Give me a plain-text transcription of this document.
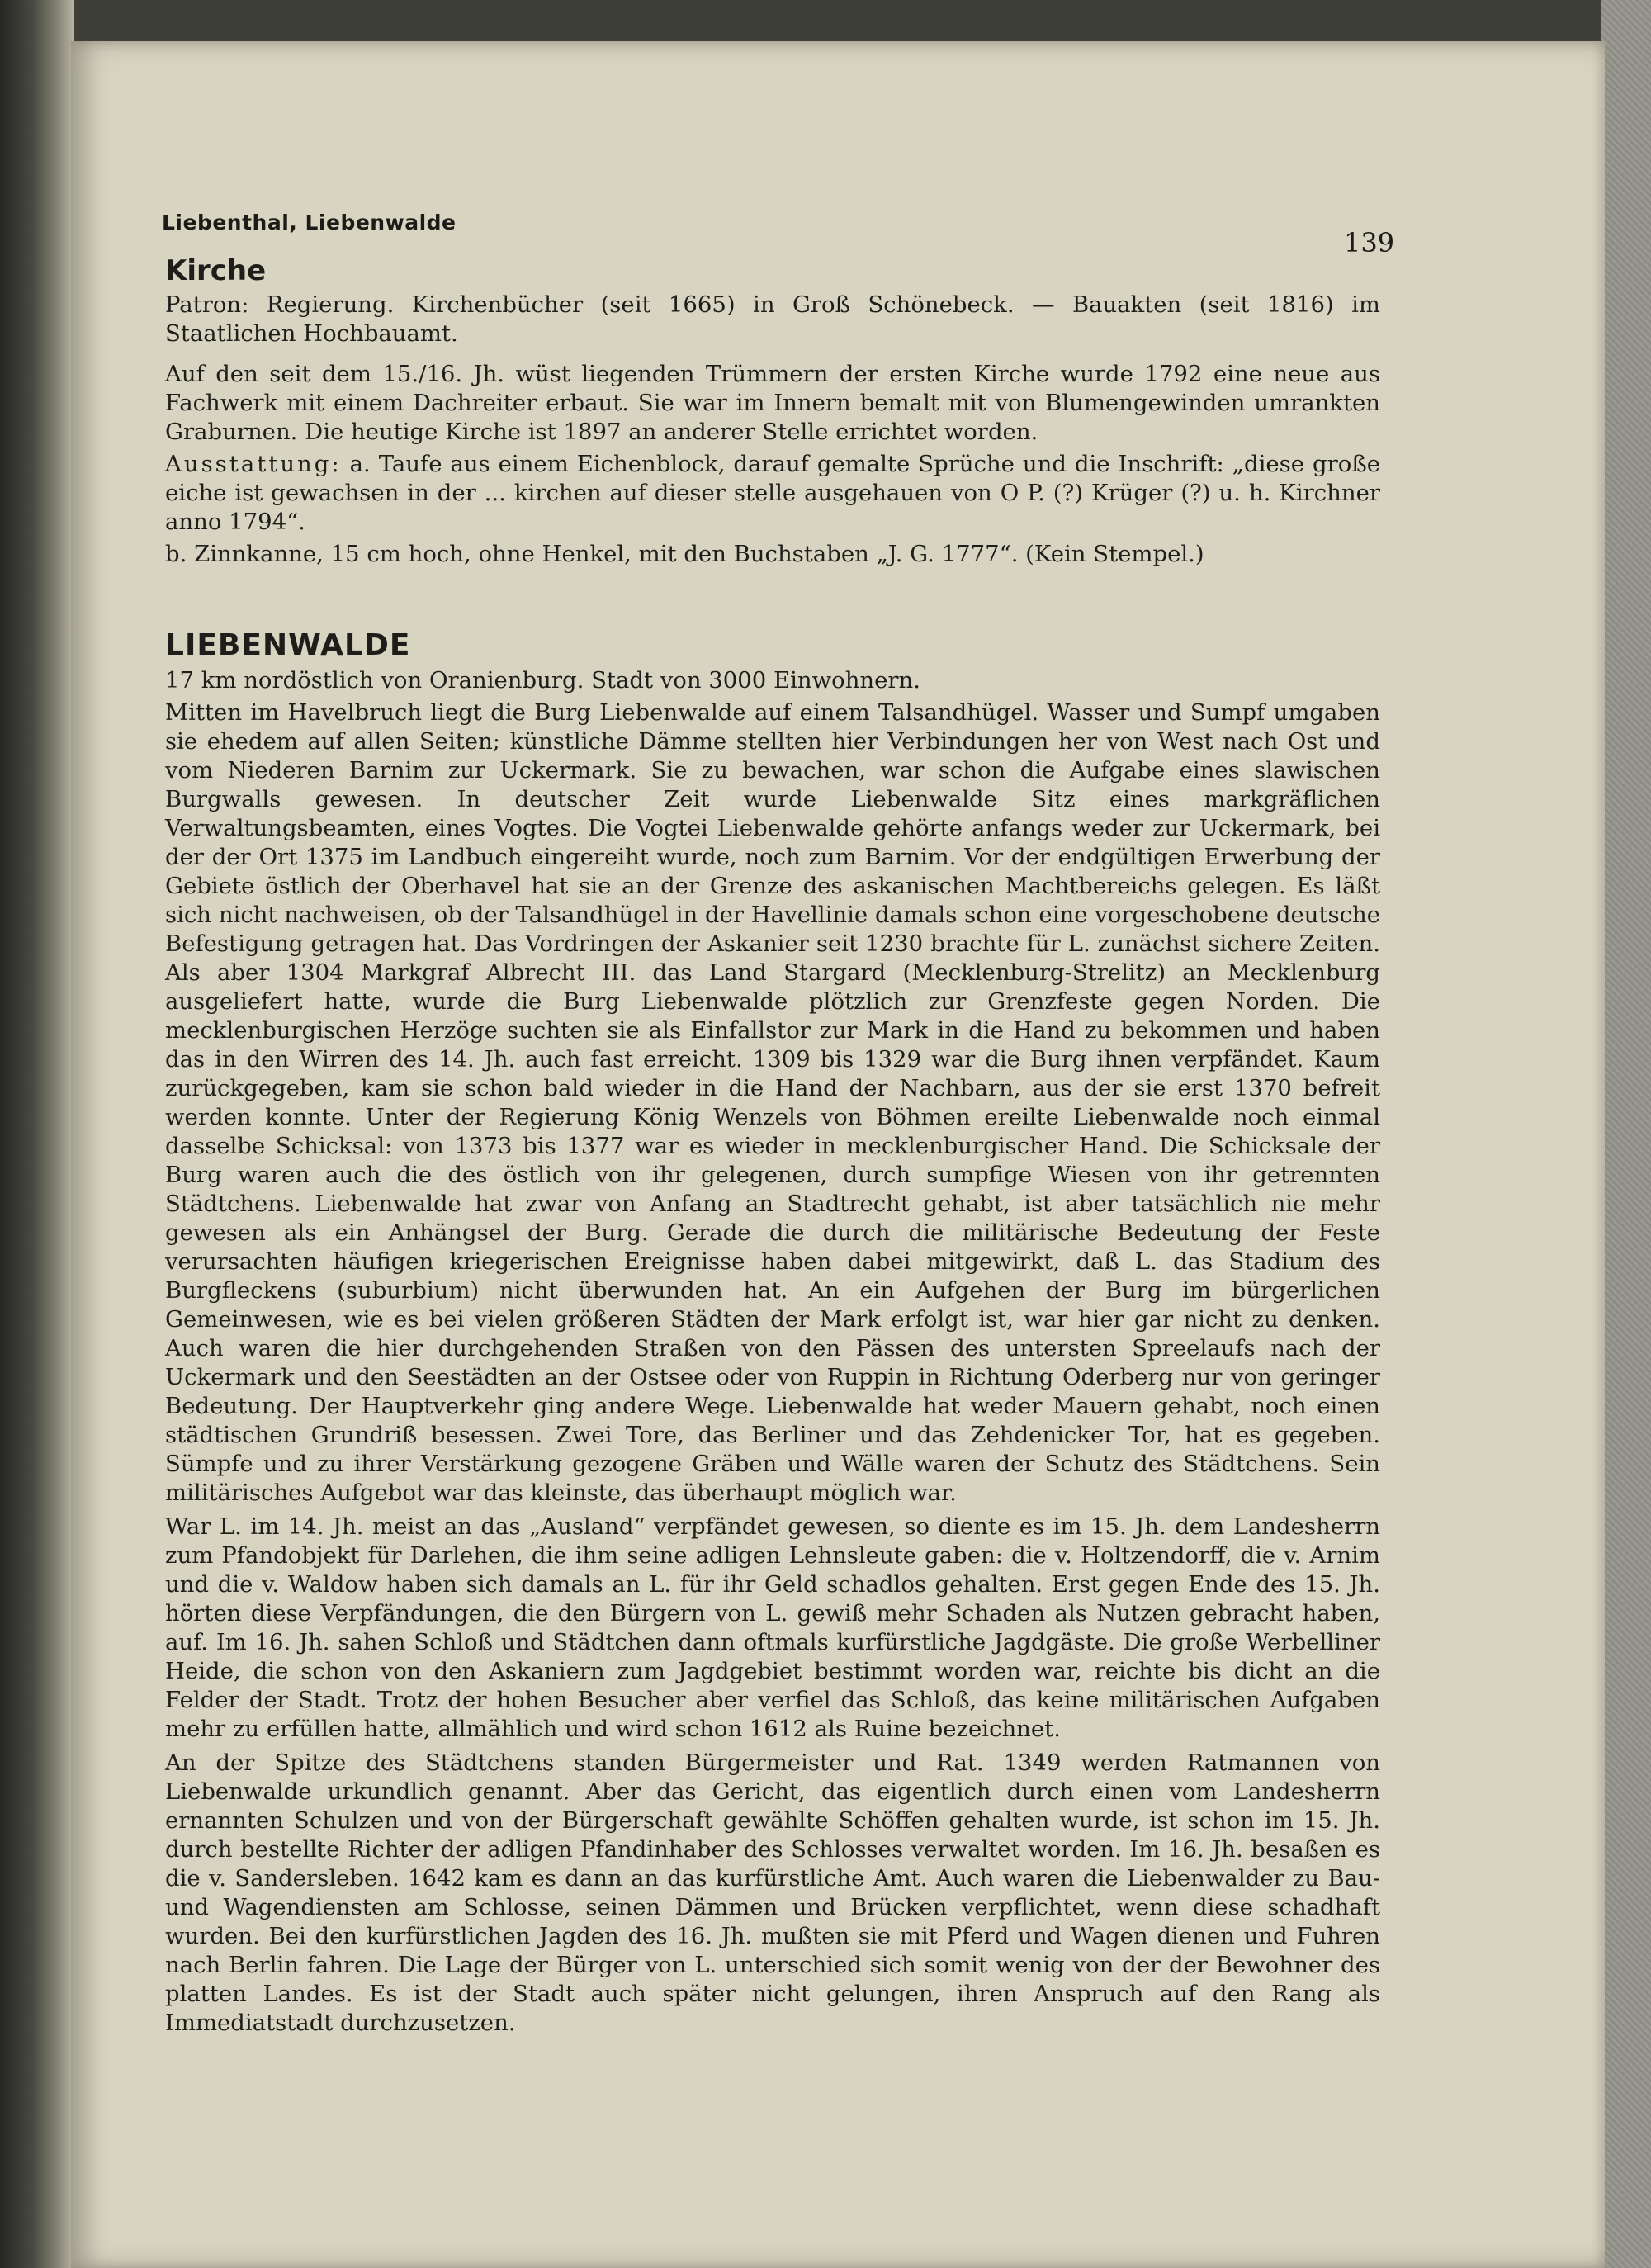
Liebenthal, Liebenwalde
139
Kirche

Patron: Regierung. Kirchenbücher (seit 1665) in Groß Schönebeck. — Bauakten (seit 1816) im Staatlichen Hochbauamt.

Auf den seit dem 15./16. Jh. wüst liegenden Trümmern der ersten Kirche wurde 1792 eine neue aus Fachwerk mit einem Dachreiter erbaut. Sie war im Innern bemalt mit von Blumengewinden umrankten Graburnen. Die heutige Kirche ist 1897 an anderer Stelle errichtet worden.

Ausstattung: a. Taufe aus einem Eichenblock, darauf gemalte Sprüche und die Inschrift: „diese große eiche ist gewachsen in der ... kirchen auf dieser stelle ausgehauen von O P. (?) Krüger (?) u. h. Kirchner anno 1794“.

b. Zinnkanne, 15 cm hoch, ohne Henkel, mit den Buchstaben „J. G. 1777“. (Kein Stempel.)

LIEBENWALDE

17 km nordöstlich von Oranienburg. Stadt von 3000 Einwohnern.

Mitten im Havelbruch liegt die Burg Liebenwalde auf einem Talsandhügel. Wasser und Sumpf umgaben sie ehedem auf allen Seiten; künstliche Dämme stellten hier Verbindungen her von West nach Ost und vom Niederen Barnim zur Uckermark. Sie zu bewachen, war schon die Aufgabe eines slawischen Burgwalls gewesen. In deutscher Zeit wurde Liebenwalde Sitz eines markgräflichen Verwaltungsbeamten, eines Vogtes. Die Vogtei Liebenwalde gehörte anfangs weder zur Uckermark, bei der der Ort 1375 im Landbuch eingereiht wurde, noch zum Barnim. Vor der endgültigen Erwerbung der Gebiete östlich der Oberhavel hat sie an der Grenze des askanischen Machtbereichs gelegen. Es läßt sich nicht nachweisen, ob der Talsandhügel in der Havellinie damals schon eine vorgeschobene deutsche Befestigung getragen hat. Das Vordringen der Askanier seit 1230 brachte für L. zunächst sichere Zeiten. Als aber 1304 Markgraf Albrecht III. das Land Stargard (Mecklenburg-Strelitz) an Mecklenburg ausgeliefert hatte, wurde die Burg Liebenwalde plötzlich zur Grenzfeste gegen Norden. Die mecklenburgischen Herzöge suchten sie als Einfallstor zur Mark in die Hand zu bekommen und haben das in den Wirren des 14. Jh. auch fast erreicht. 1309 bis 1329 war die Burg ihnen verpfändet. Kaum zurückgegeben, kam sie schon bald wieder in die Hand der Nachbarn, aus der sie erst 1370 befreit werden konnte. Unter der Regierung König Wenzels von Böhmen ereilte Liebenwalde noch einmal dasselbe Schicksal: von 1373 bis 1377 war es wieder in mecklenburgischer Hand. Die Schicksale der Burg waren auch die des östlich von ihr gelegenen, durch sumpfige Wiesen von ihr getrennten Städtchens. Liebenwalde hat zwar von Anfang an Stadtrecht gehabt, ist aber tatsächlich nie mehr gewesen als ein Anhängsel der Burg. Gerade die durch die militärische Bedeutung der Feste verursachten häufigen kriegerischen Ereignisse haben dabei mitgewirkt, daß L. das Stadium des Burgfleckens (suburbium) nicht überwunden hat. An ein Aufgehen der Burg im bürgerlichen Gemeinwesen, wie es bei vielen größeren Städten der Mark erfolgt ist, war hier gar nicht zu denken. Auch waren die hier durchgehenden Straßen von den Pässen des untersten Spreelaufs nach der Uckermark und den Seestädten an der Ostsee oder von Ruppin in Richtung Oderberg nur von geringer Bedeutung. Der Hauptverkehr ging andere Wege. Liebenwalde hat weder Mauern gehabt, noch einen städtischen Grundriß besessen. Zwei Tore, das Berliner und das Zehdenicker Tor, hat es gegeben. Sümpfe und zu ihrer Verstärkung gezogene Gräben und Wälle waren der Schutz des Städtchens. Sein militärisches Aufgebot war das kleinste, das überhaupt möglich war.

War L. im 14. Jh. meist an das „Ausland“ verpfändet gewesen, so diente es im 15. Jh. dem Landesherrn zum Pfandobjekt für Darlehen, die ihm seine adligen Lehnsleute gaben: die v. Holtzendorff, die v. Arnim und die v. Waldow haben sich damals an L. für ihr Geld schadlos gehalten. Erst gegen Ende des 15. Jh. hörten diese Verpfändungen, die den Bürgern von L. gewiß mehr Schaden als Nutzen gebracht haben, auf. Im 16. Jh. sahen Schloß und Städtchen dann oftmals kurfürstliche Jagdgäste. Die große Werbelliner Heide, die schon von den Askaniern zum Jagdgebiet bestimmt worden war, reichte bis dicht an die Felder der Stadt. Trotz der hohen Besucher aber verfiel das Schloß, das keine militärischen Aufgaben mehr zu erfüllen hatte, allmählich und wird schon 1612 als Ruine bezeichnet.

An der Spitze des Städtchens standen Bürgermeister und Rat. 1349 werden Ratmannen von Liebenwalde urkundlich genannt. Aber das Gericht, das eigentlich durch einen vom Landesherrn ernannten Schulzen und von der Bürgerschaft gewählte Schöffen gehalten wurde, ist schon im 15. Jh. durch bestellte Richter der adligen Pfandinhaber des Schlosses verwaltet worden. Im 16. Jh. besaßen es die v. Sandersleben. 1642 kam es dann an das kurfürstliche Amt. Auch waren die Liebenwalder zu Bau- und Wagendiensten am Schlosse, seinen Dämmen und Brücken verpflichtet, wenn diese schadhaft wurden. Bei den kurfürstlichen Jagden des 16. Jh. mußten sie mit Pferd und Wagen dienen und Fuhren nach Berlin fahren. Die Lage der Bürger von L. unterschied sich somit wenig von der der Bewohner des platten Landes. Es ist der Stadt auch später nicht gelungen, ihren Anspruch auf den Rang als Immediatstadt durchzusetzen.
